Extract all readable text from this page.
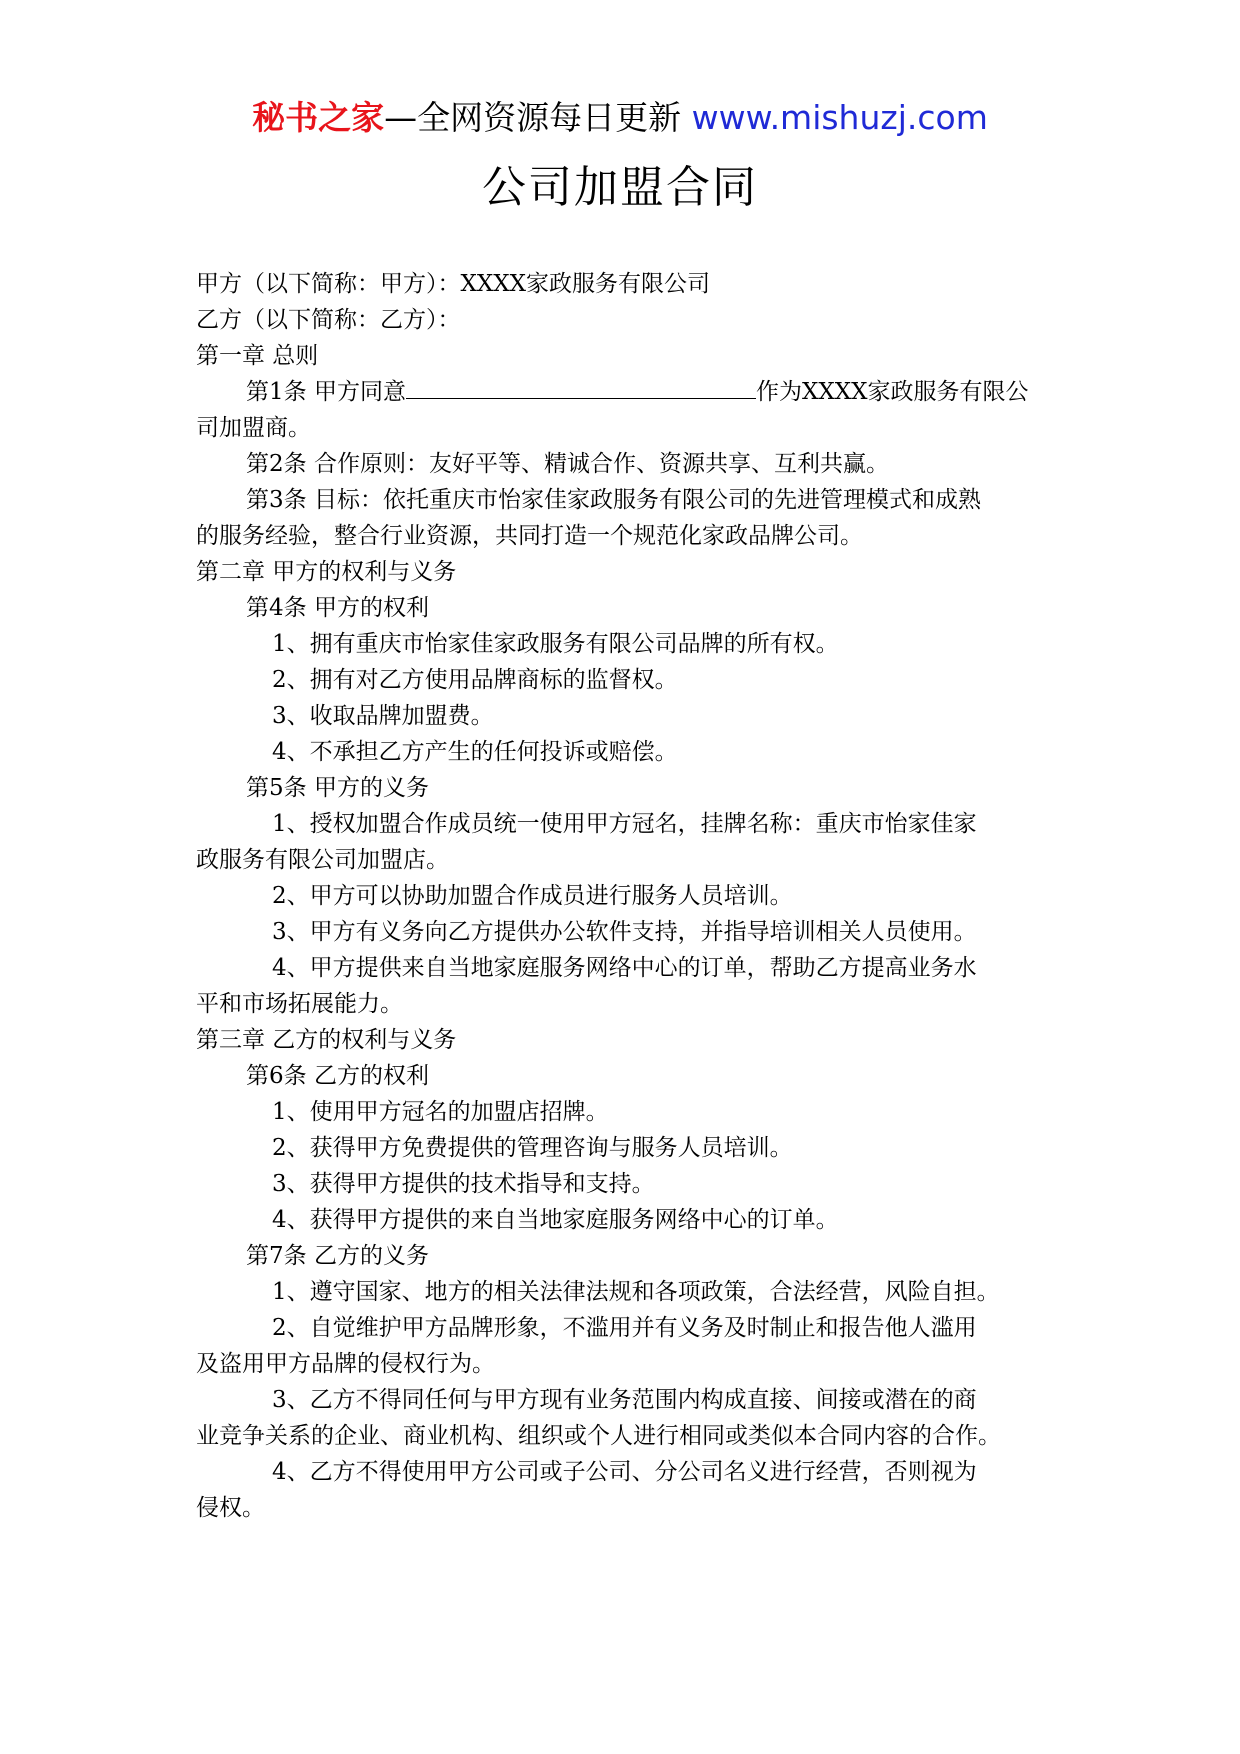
秘书之家—全网资源每日更新 www.mishuzj.com
公司加盟合同
甲方（以下简称：甲方）：XXXX家政服务有限公司
乙方（以下简称：乙方）：
第一章 总则
第1条 甲方同意	作为XXXX家政服务有限公
司加盟商。
第2条 合作原则：友好平等、精诚合作、资源共享、互利共赢。
第3条 目标：依托重庆市怡家佳家政服务有限公司的先进管理模式和成熟
的服务经验，整合行业资源，共同打造一个规范化家政品牌公司。
第二章 甲方的权利与义务
第4条 甲方的权利
1、拥有重庆市怡家佳家政服务有限公司品牌的所有权。
2、拥有对乙方使用品牌商标的监督权。
3、收取品牌加盟费。
4、不承担乙方产生的任何投诉或赔偿。
第5条 甲方的义务
1、授权加盟合作成员统一使用甲方冠名，挂牌名称：重庆市怡家佳家
政服务有限公司加盟店。
2、甲方可以协助加盟合作成员进行服务人员培训。
3、甲方有义务向乙方提供办公软件支持，并指导培训相关人员使用。
4、甲方提供来自当地家庭服务网络中心的订单，帮助乙方提高业务水
平和市场拓展能力。
第三章 乙方的权利与义务
第6条 乙方的权利
1、使用甲方冠名的加盟店招牌。
2、获得甲方免费提供的管理咨询与服务人员培训。
3、获得甲方提供的技术指导和支持。
4、获得甲方提供的来自当地家庭服务网络中心的订单。
第7条 乙方的义务
1、遵守国家、地方的相关法律法规和各项政策，合法经营，风险自担。
2、自觉维护甲方品牌形象，不滥用并有义务及时制止和报告他人滥用
及盗用甲方品牌的侵权行为。
3、乙方不得同任何与甲方现有业务范围内构成直接、间接或潜在的商
业竞争关系的企业、商业机构、组织或个人进行相同或类似本合同内容的合作。
4、乙方不得使用甲方公司或子公司、分公司名义进行经营，否则视为
侵权。
